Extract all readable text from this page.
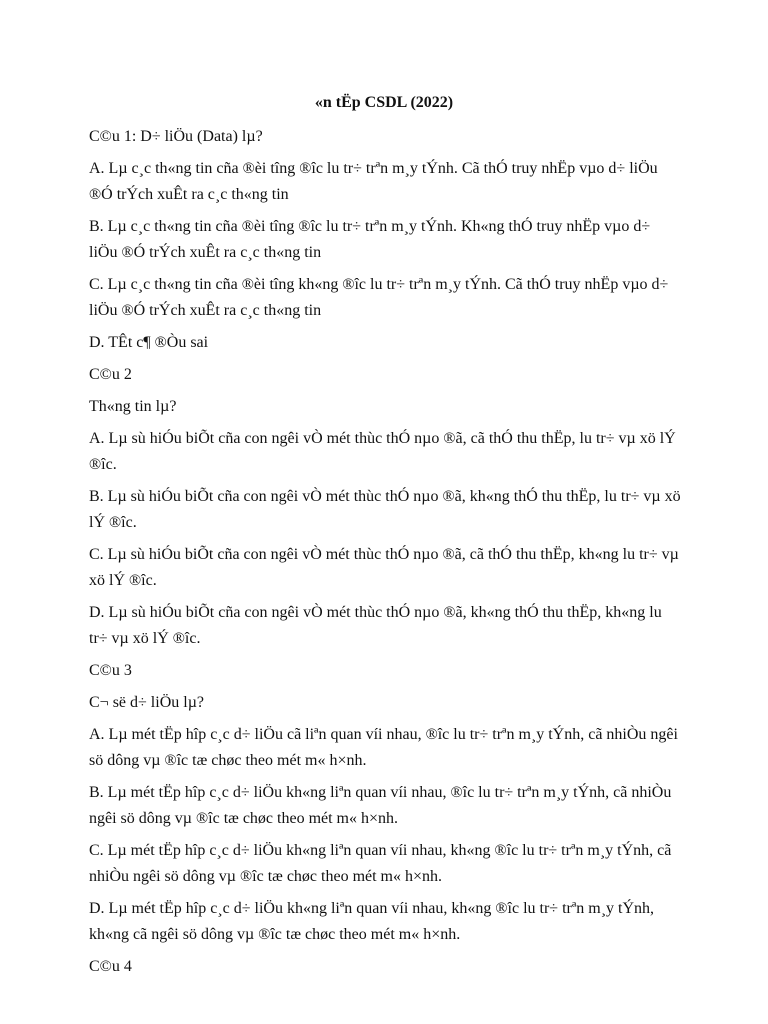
«n tËp CSDL (2022)

C©u 1: D÷ liÖu (Data) lµ?

A. Lµ c¸c th«ng tin cña ®èi tîng ®îc lu tr÷ trªn m¸y tÝnh. Cã thÓ truy nhËp vµo d÷ liÖu ®Ó trÝch xuÊt ra c¸c th«ng tin

B. Lµ c¸c th«ng tin cña ®èi tîng ®îc lu tr÷ trªn m¸y tÝnh. Kh«ng thÓ truy nhËp vµo d÷ liÖu ®Ó trÝch xuÊt ra c¸c th«ng tin

C. Lµ c¸c th«ng tin cña ®èi tîng kh«ng ®îc lu tr÷ trªn m¸y tÝnh. Cã thÓ truy nhËp vµo d÷ liÖu ®Ó trÝch xuÊt ra c¸c th«ng tin

D. TÊt c¶ ®Òu sai

C©u 2

Th«ng tin lµ?

A. Lµ sù hiÓu biÕt cña con ngêi vÒ mét thùc thÓ nµo ®ã, cã thÓ thu thËp, lu tr÷ vµ xö lÝ ®îc.

B. Lµ sù hiÓu biÕt cña con ngêi vÒ mét thùc thÓ nµo ®ã, kh«ng thÓ thu thËp, lu tr÷ vµ xö lÝ ®îc.

C. Lµ sù hiÓu biÕt cña con ngêi vÒ mét thùc thÓ nµo ®ã, cã thÓ thu thËp, kh«ng lu tr÷ vµ xö lÝ ®îc.

D. Lµ sù hiÓu biÕt cña con ngêi vÒ mét thùc thÓ nµo ®ã, kh«ng thÓ thu thËp, kh«ng lu tr÷ vµ xö lÝ ®îc.

C©u 3

C¬ së d÷ liÖu lµ?

A. Lµ mét tËp hîp c¸c d÷ liÖu cã liªn quan víi nhau, ®îc lu tr÷ trªn m¸y tÝnh, cã nhiÒu ngêi sö dông vµ ®îc tæ chøc theo mét m« h×nh.

B. Lµ mét tËp hîp c¸c d÷ liÖu kh«ng liªn quan víi nhau, ®îc lu tr÷ trªn m¸y tÝnh, cã nhiÒu ngêi sö dông vµ ®îc tæ chøc theo mét m« h×nh.

C. Lµ mét tËp hîp c¸c d÷ liÖu kh«ng liªn quan víi nhau, kh«ng ®îc lu tr÷ trªn m¸y tÝnh, cã nhiÒu ngêi sö dông vµ ®îc tæ chøc theo mét m« h×nh.

D. Lµ mét tËp hîp c¸c d÷ liÖu kh«ng liªn quan víi nhau, kh«ng ®îc lu tr÷ trªn m¸y tÝnh, kh«ng cã ngêi sö dông vµ ®îc tæ chøc theo mét m« h×nh.

C©u 4
